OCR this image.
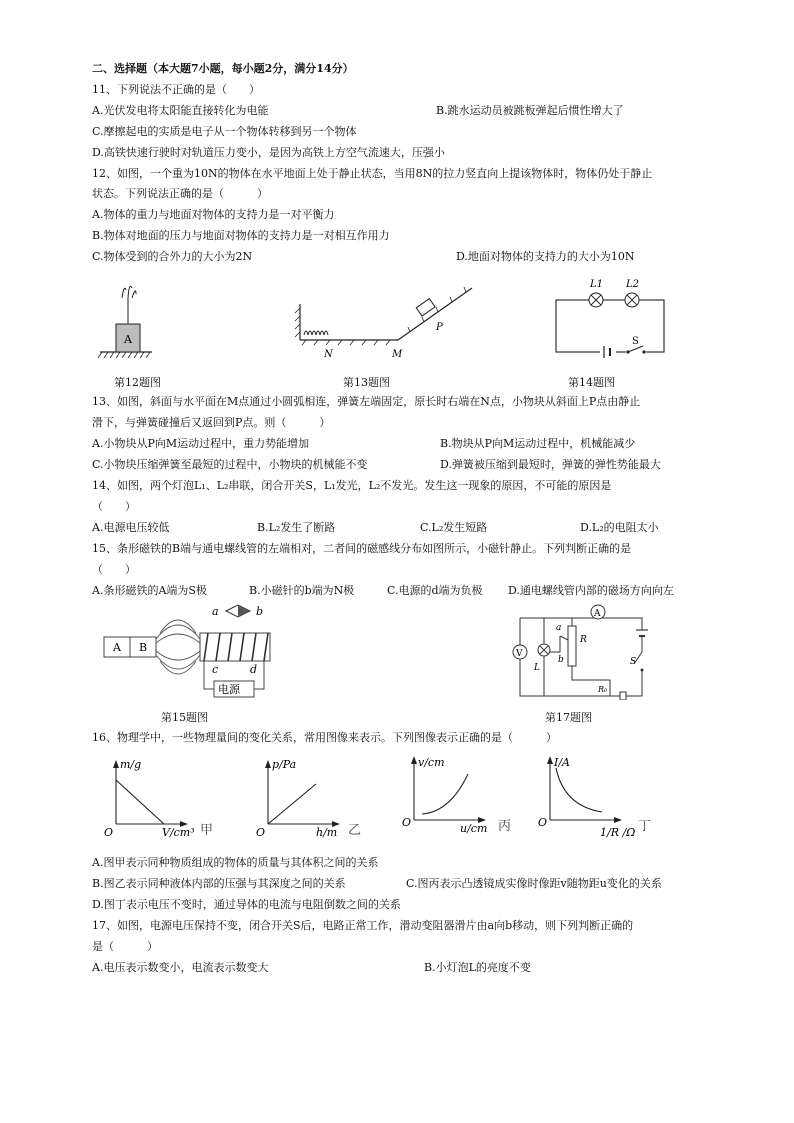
二、选择题（本大题7小题，每小题2分，满分14分）
11、下列说法不正确的是（　　）
A.光伏发电将太阳能直接转化为电能	B.跳水运动员被跳板弹起后惯性增大了
C.摩擦起电的实质是电子从一个物体转移到另一个物体
D.高铁快速行驶时对轨道压力变小，是因为高铁上方空气流速大，压强小
12、如图，一个重为10N的物体在水平地面上处于静止状态，当用8N的拉力竖直向上提该物体时，物体仍处于静止
状态。下列说法正确的是（　　　）
A.物体的重力与地面对物体的支持力是一对平衡力
B.物体对地面的压力与地面对物体的支持力是一对相互作用力
C.物体受到的合外力的大小为2N	D.地面对物体的支持力的大小为10N
A
第12题图
P
N	M
第13题图
L1 L2
S
第14题图
13、如图，斜面与水平面在M点通过小圆弧相连，弹簧左端固定，原长时右端在N点，小物块从斜面上P点由静止
滑下，与弹簧碰撞后又返回到P点。则（　　　）
A.小物块从P向M运动过程中，重力势能增加	B.物块从P向M运动过程中，机械能减少
C.小物块压缩弹簧至最短的过程中，小物块的机械能不变	D.弹簧被压缩到最短时，弹簧的弹性势能最大
14、如图，两个灯泡L₁、L₂串联，闭合开关S，L₁发光，L₂不发光。发生这一现象的原因，不可能的原因是
（　　）
A.电源电压较低	B.L₂发生了断路	C.L₂发生短路	D.L₂的电阻太小
15、条形磁铁的B端与通电螺线管的左端相对，二者间的磁感线分布如图所示，小磁针静止。下列判断正确的是
（　　）
A.条形磁铁的A端为S极	B.小磁针的b端为N极	C.电源的d端为负极 D.通电螺线管内部的磁场方向向左
A B
a	b
c	d
电源
第15题图
A
V
L
a
b
R
S
R₀
第17题图
16、物理学中，一些物理量间的变化关系，常用图像来表示。下列图像表示正确的是（　　　）
m/g
O	V/cm³ 甲
p/Pa
O	h/m 乙
v/cm
O	u/cm 丙
I/A
O
1/R /Ω 丁
A.图甲表示同种物质组成的物体的质量与其体积之间的关系
B.图乙表示同种液体内部的压强与其深度之间的关系	C.图丙表示凸透镜成实像时像距v随物距u变化的关系
D.图丁表示电压不变时，通过导体的电流与电阻倒数之间的关系
17、如图，电源电压保持不变，闭合开关S后，电路正常工作，滑动变阻器滑片由a向b移动，则下列判断正确的
是（　　　）
A.电压表示数变小，电流表示数变大	B.小灯泡L的亮度不变
